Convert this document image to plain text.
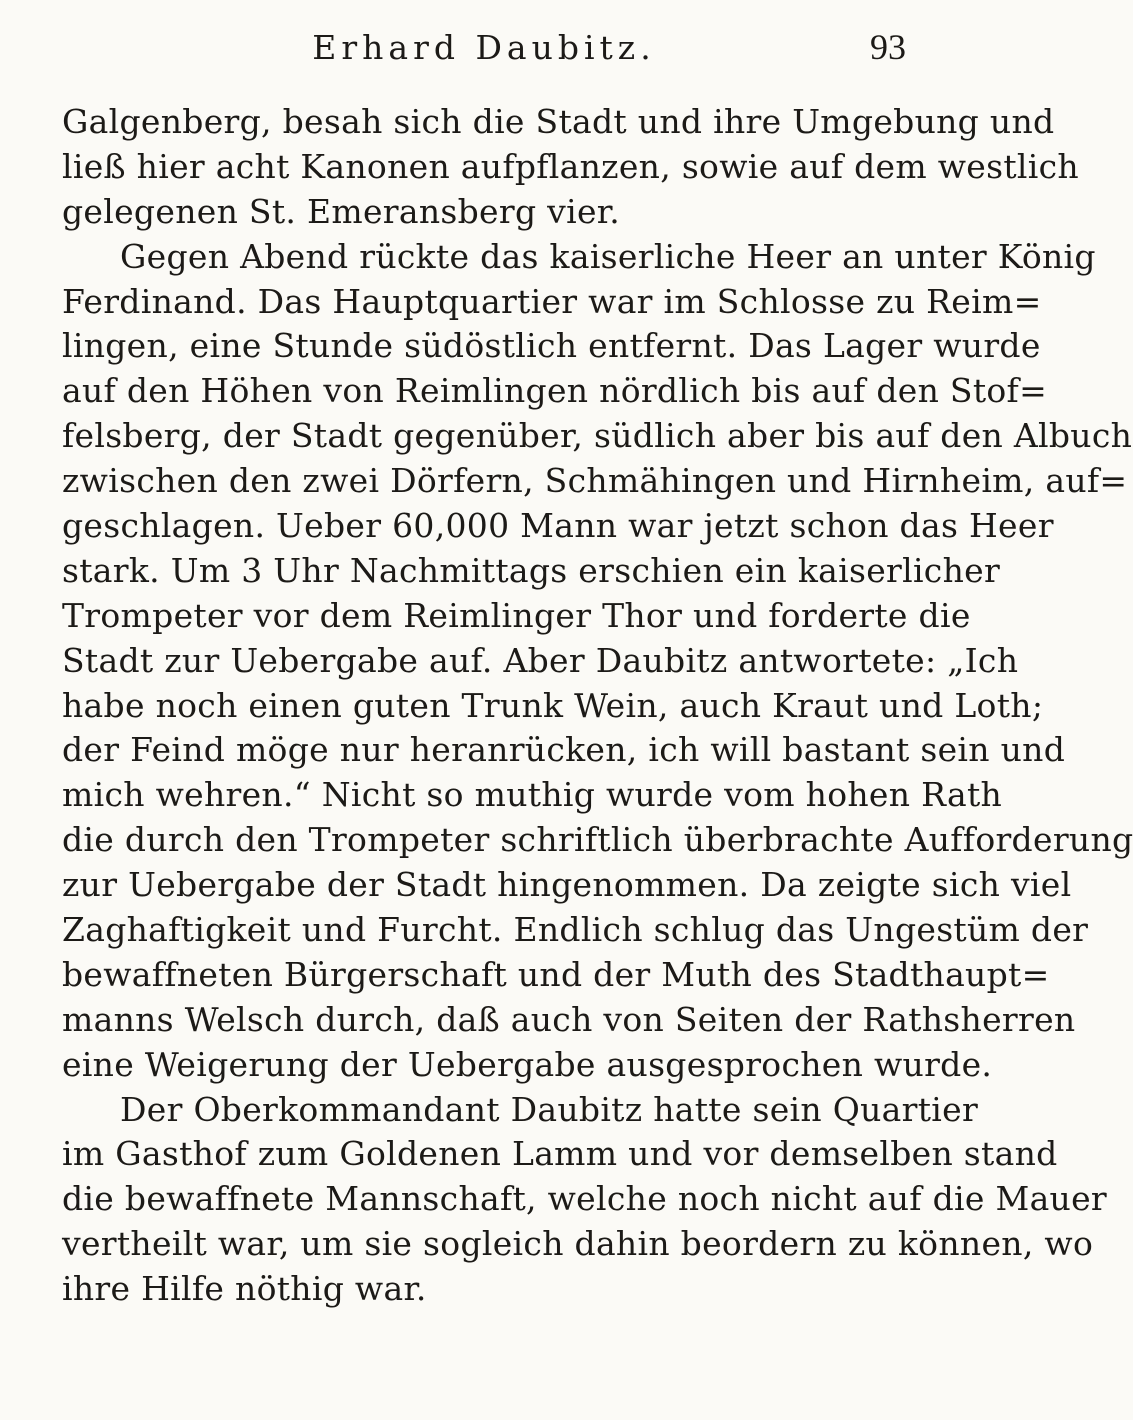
Erhard Daubitz.	93
Galgenberg, besah sich die Stadt und ihre Umgebung und
ließ hier acht Kanonen aufpflanzen, sowie auf dem westlich
gelegenen St. Emeransberg vier.
Gegen Abend rückte das kaiserliche Heer an unter König
Ferdinand. Das Hauptquartier war im Schlosse zu Reim=
lingen, eine Stunde südöstlich entfernt. Das Lager wurde
auf den Höhen von Reimlingen nördlich bis auf den Stof=
felsberg, der Stadt gegenüber, südlich aber bis auf den Albuch
zwischen den zwei Dörfern, Schmähingen und Hirnheim, auf=
geschlagen. Ueber 60,000 Mann war jetzt schon das Heer
stark. Um 3 Uhr Nachmittags erschien ein kaiserlicher
Trompeter vor dem Reimlinger Thor und forderte die
Stadt zur Uebergabe auf. Aber Daubitz antwortete: „Ich
habe noch einen guten Trunk Wein, auch Kraut und Loth;
der Feind möge nur heranrücken, ich will bastant sein und
mich wehren.“ Nicht so muthig wurde vom hohen Rath
die durch den Trompeter schriftlich überbrachte Aufforderung
zur Uebergabe der Stadt hingenommen. Da zeigte sich viel
Zaghaftigkeit und Furcht. Endlich schlug das Ungestüm der
bewaffneten Bürgerschaft und der Muth des Stadthaupt=
manns Welsch durch, daß auch von Seiten der Rathsherren
eine Weigerung der Uebergabe ausgesprochen wurde.
Der Oberkommandant Daubitz hatte sein Quartier
im Gasthof zum Goldenen Lamm und vor demselben stand
die bewaffnete Mannschaft, welche noch nicht auf die Mauer
vertheilt war, um sie sogleich dahin beordern zu können, wo
ihre Hilfe nöthig war.
